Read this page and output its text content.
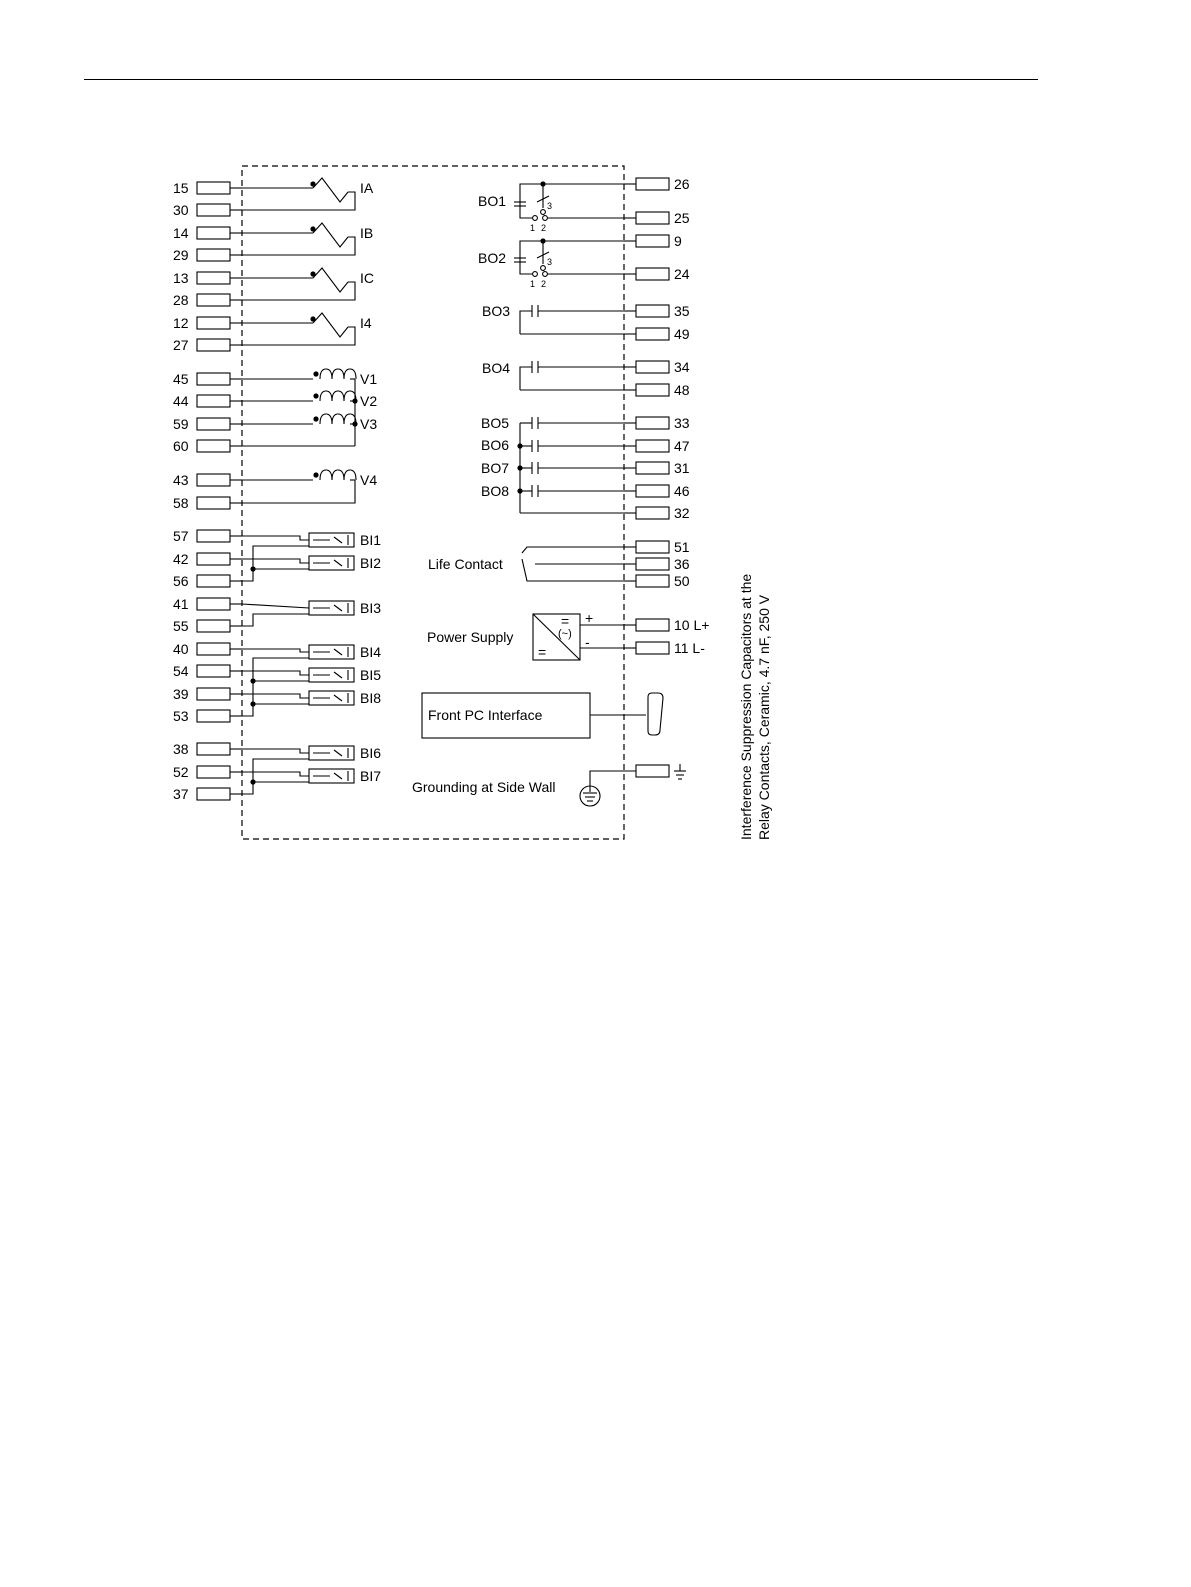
15
30
14
29
13
28
12
27
45
44
59
60
43
58
57
42
56
41
55
40
54
39
53
38
52
37
IA
IB
IC
I4
V1
V2
V3
V4
BI1
BI2
BI3
BI4
BI5
BI8
BI6
BI7
26
25
9
24
35
49
34
48
33
47
31
46
32
51
36
50
10 L+
11 L-
BO1	3
1 2
BO2	3
1 2
BO3
BO4
BO5
BO6
BO7
BO8
Life Contact
Power Supply
=
(~)
=
+
-
Front PC Interface
Grounding at Side Wall	Interference Suppression Capacitors at the Relay Contacts, Ceramic, 4.7 nF, 250 V
